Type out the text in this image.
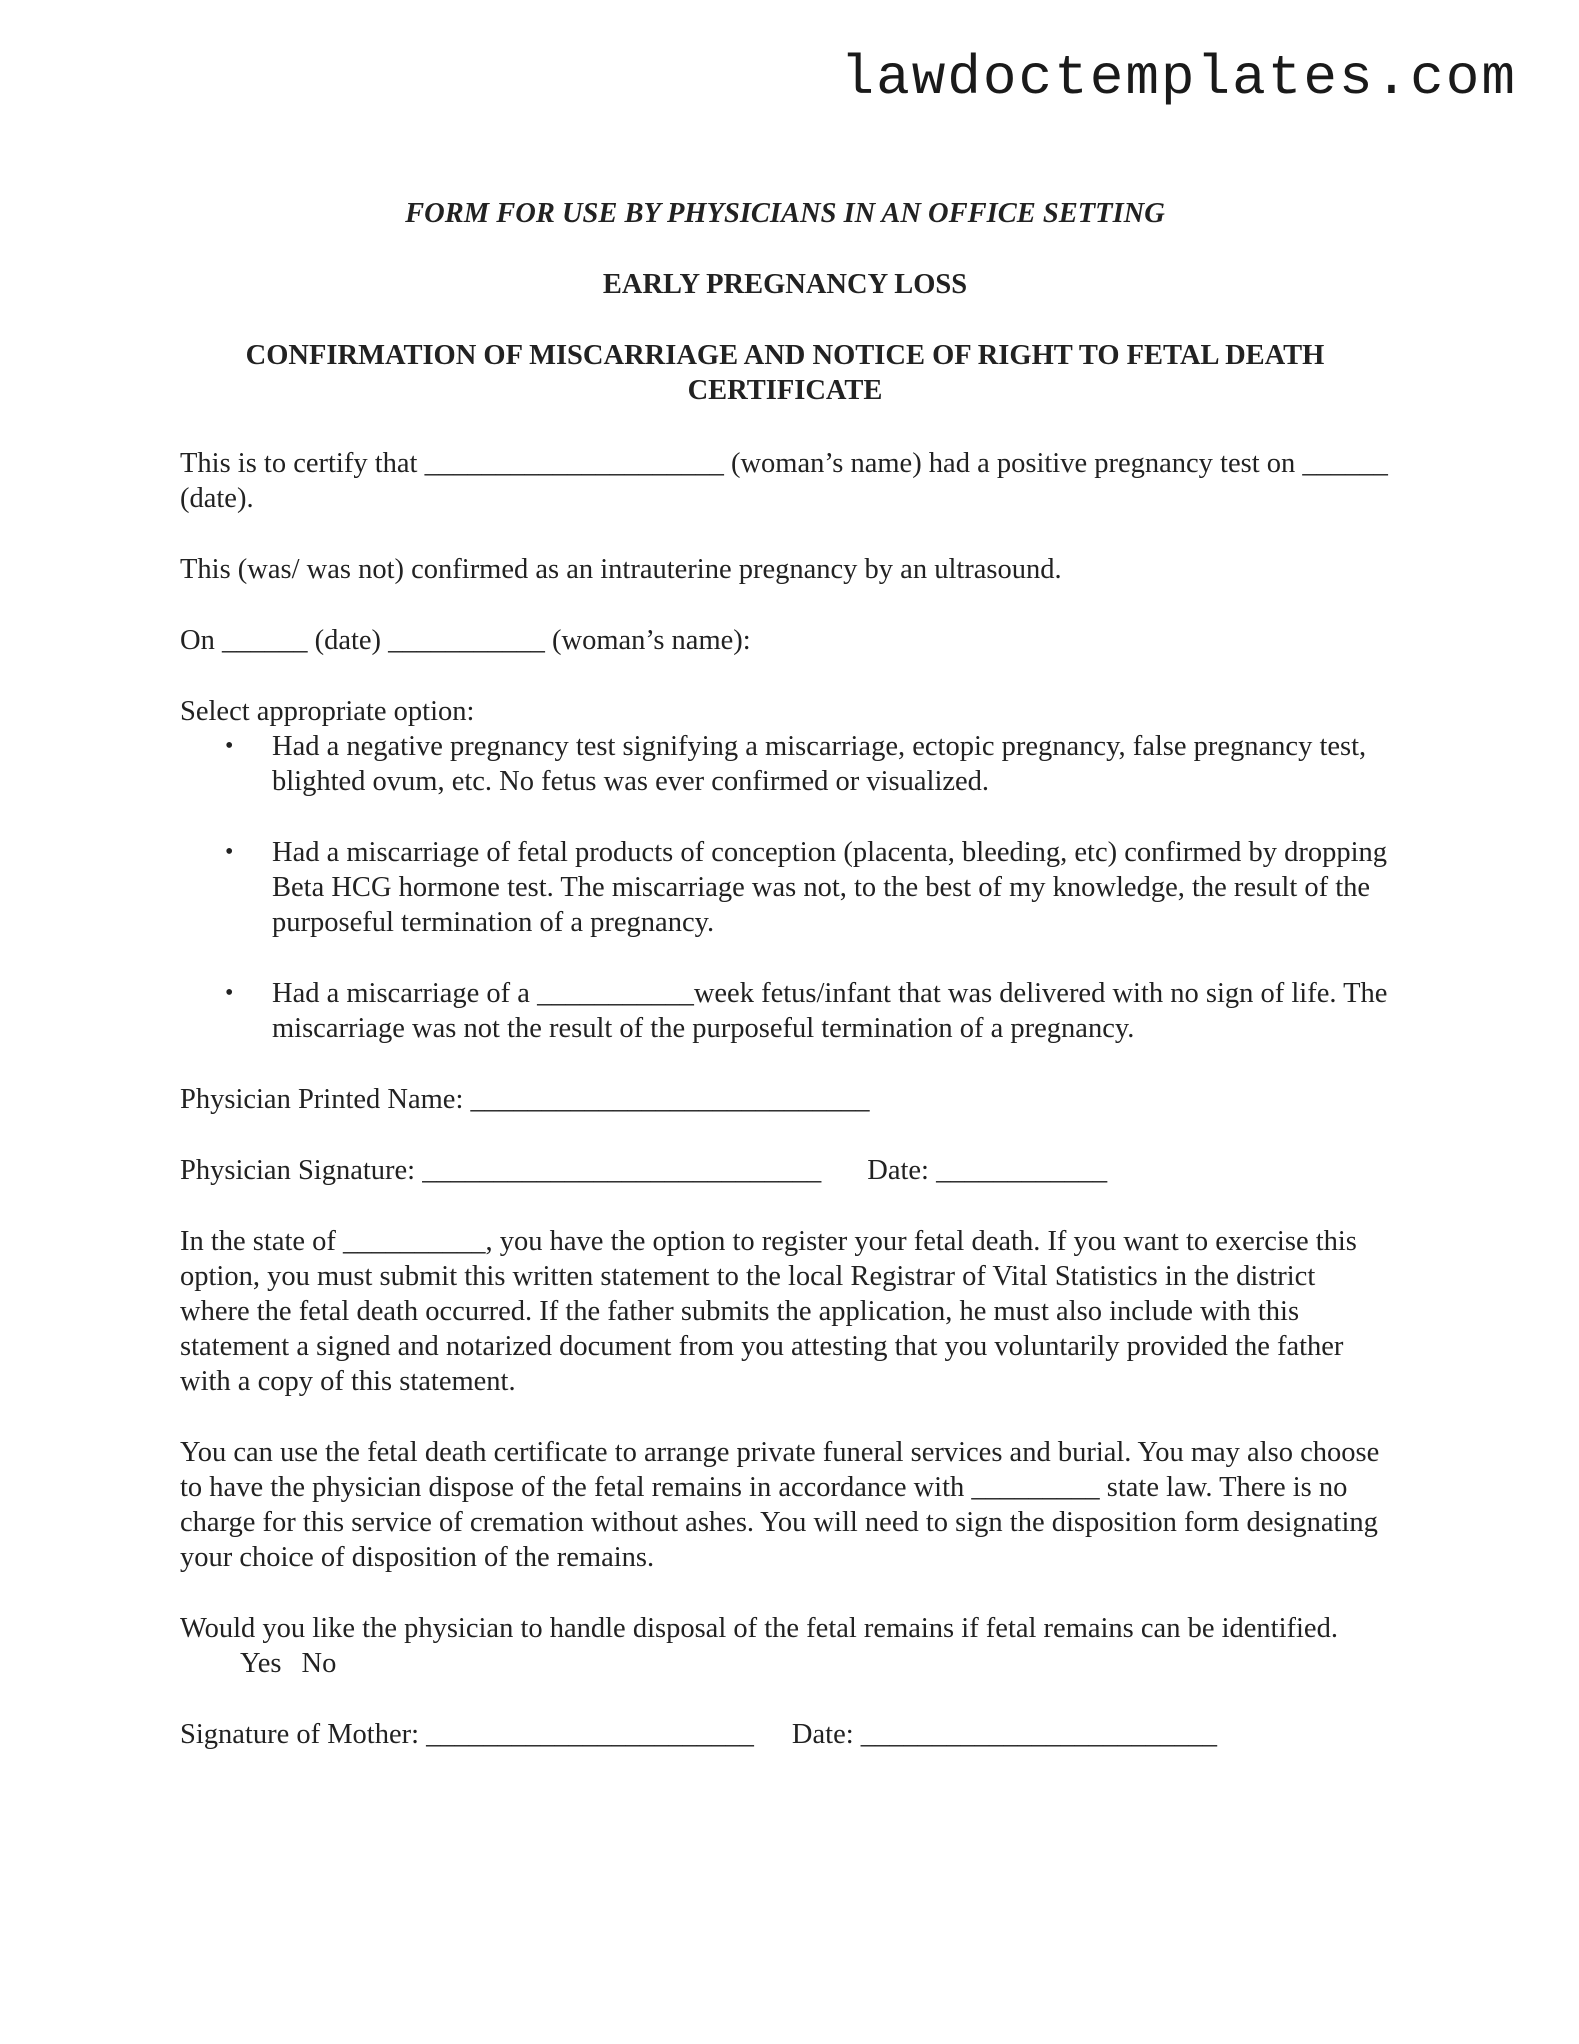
lawdoctemplates.com

FORM FOR USE BY PHYSICIANS IN AN OFFICE SETTING

EARLY PREGNANCY LOSS

CONFIRMATION OF MISCARRIAGE AND NOTICE OF RIGHT TO FETAL DEATH CERTIFICATE

This is to certify that _____________________ (woman’s name) had a positive pregnancy test on ______ (date).

This (was/ was not) confirmed as an intrauterine pregnancy by an ultrasound.

On ______ (date) ___________ (woman’s name):

Select appropriate option:

• Had a negative pregnancy test signifying a miscarriage, ectopic pregnancy, false pregnancy test, blighted ovum, etc. No fetus was ever confirmed or visualized.
• Had a miscarriage of fetal products of conception (placenta, bleeding, etc) confirmed by dropping Beta HCG hormone test. The miscarriage was not, to the best of my knowledge, the result of the purposeful termination of a pregnancy.
• Had a miscarriage of a ___________week fetus/infant that was delivered with no sign of life. The miscarriage was not the result of the purposeful termination of a pregnancy.

Physician Printed Name: ____________________________

Physician Signature: ____________________________ Date: ____________

In the state of __________, you have the option to register your fetal death. If you want to exercise this option, you must submit this written statement to the local Registrar of Vital Statistics in the district where the fetal death occurred. If the father submits the application, he must also include with this statement a signed and notarized document from you attesting that you voluntarily provided the father with a copy of this statement.

You can use the fetal death certificate to arrange private funeral services and burial. You may also choose to have the physician dispose of the fetal remains in accordance with _________ state law. There is no charge for this service of cremation without ashes. You will need to sign the disposition form designating your choice of disposition of the remains.

Would you like the physician to handle disposal of the fetal remains if fetal remains can be identified.Yes No

Signature of Mother: _______________________ Date: _________________________
